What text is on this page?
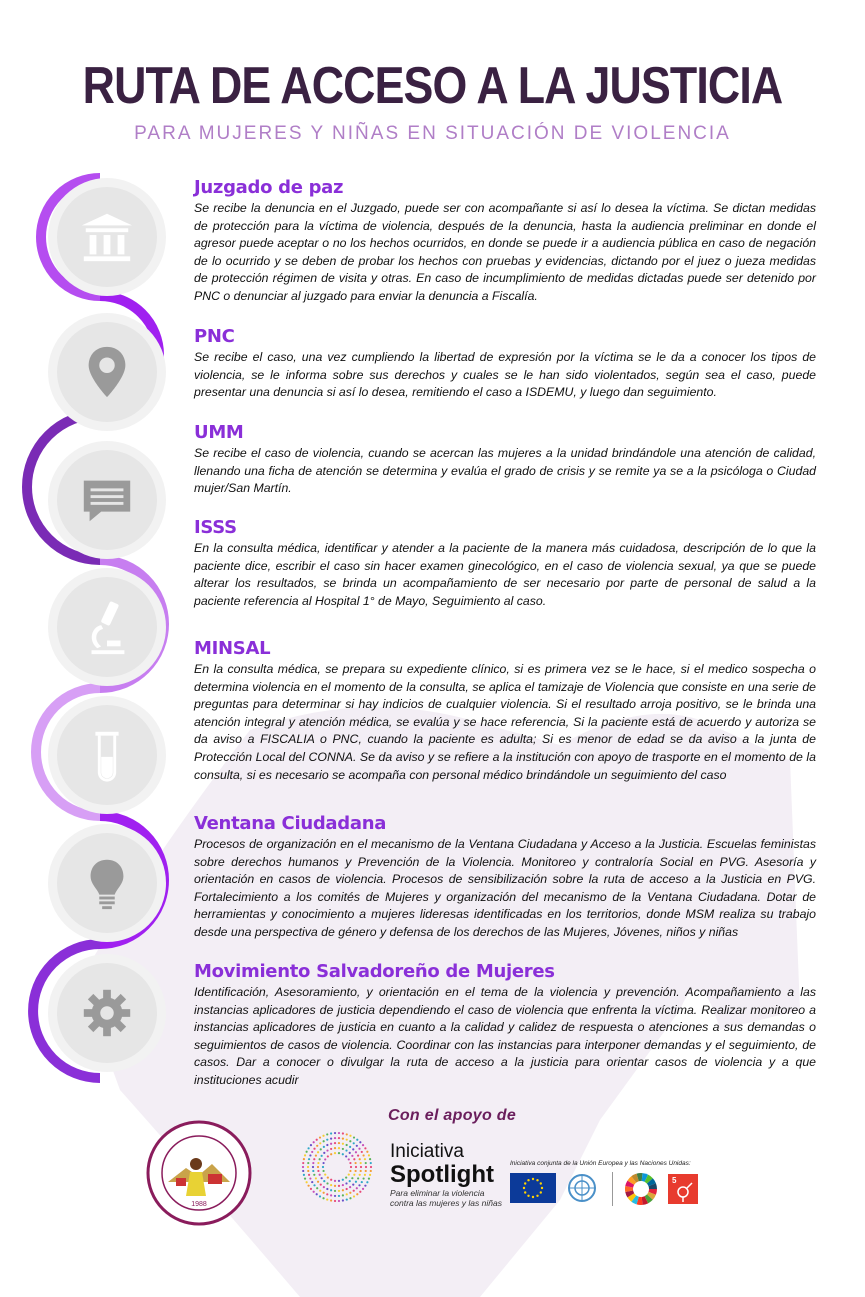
RUTA DE ACCESO A LA JUSTICIA

PARA MUJERES Y NIÑAS EN SITUACIÓN DE VIOLENCIA

Juzgado de paz

Se recibe la denuncia en el Juzgado, puede ser con acompañante si así lo desea la víctima. Se dictan medidas de protección para la víctima de violencia, después de la denuncia, hasta la audiencia preliminar en donde el agresor puede aceptar o no los hechos ocurridos, en donde se puede ir a audiencia pública en caso de negación de lo ocurrido y se deben de probar los hechos con pruebas y evidencias, dictando por el juez o jueza medidas de protección régimen de visita y otras. En caso de incumplimiento de medidas dictadas puede ser detenido por PNC o denunciar al juzgado para enviar la denuncia a Fiscalía.

PNC

Se recibe el caso, una vez cumpliendo la libertad de expresión por la víctima se le da a conocer los tipos de violencia, se le informa sobre sus derechos y cuales se le han sido violentados, según sea el caso, puede presentar una denuncia si así lo desea, remitiendo el caso a ISDEMU, y luego dan seguimiento.

UMM

Se recibe el caso de violencia, cuando se acercan las mujeres a la unidad brindándole una atención de calidad, llenando una ficha de atención se determina y evalúa el grado de crisis y se remite ya se a la psicóloga o Ciudad mujer/San Martín.

ISSS

En la consulta médica, identificar y atender a la paciente de la manera más cuidadosa, descripción de lo que la paciente dice, escribir el caso sin hacer examen ginecológico, en el caso de violencia sexual, ya que se puede alterar los resultados, se brinda un acompañamiento de ser necesario por parte de personal de salud a la paciente referencia al Hospital 1° de Mayo, Seguimiento al caso.

MINSAL

En la consulta médica, se prepara su expediente clínico, si es primera vez se le hace, si el medico sospecha o determina violencia en el momento de la consulta, se aplica el tamizaje de Violencia que consiste en una serie de preguntas para determinar si hay indicios de cualquier violencia. Si el resultado arroja positivo, se le brinda una atención integral y atención médica, se evalúa y se hace referencia, Si la paciente está de acuerdo y autoriza se da aviso a FISCALIA o PNC, cuando la paciente es adulta; Si es menor de edad se da aviso a la junta de Protección Local del CONNA. Se da aviso y se refiere a la institución con apoyo de trasporte en el momento de la consulta, si es necesario se acompaña con personal médico brindándole un seguimiento del caso

Ventana Ciudadana

Procesos de organización en el mecanismo de la Ventana Ciudadana y Acceso a la Justicia. Escuelas feministas sobre derechos humanos y Prevención de la Violencia. Monitoreo y contraloría Social en PVG. Asesoría y orientación en casos de violencia. Procesos de sensibilización sobre la ruta de acceso a la Justicia en PVG. Fortalecimiento a los comités de Mujeres y organización del mecanismo de la Ventana Ciudadana. Dotar de herramientas y conocimiento a mujeres lideresas identificadas en los territorios, donde MSM realiza su trabajo desde una perspectiva de género y defensa de los derechos de las Mujeres, Jóvenes, niños y niñas

Movimiento Salvadoreño de Mujeres

Identificación, Asesoramiento, y orientación en el tema de la violencia y prevención. Acompañamiento a las instancias aplicadores de justicia dependiendo el caso de violencia que enfrenta la víctima. Realizar monitoreo a instancias aplicadores de justicia en cuanto a la calidad y calidez de respuesta o atenciones a sus demandas o seguimientos de casos de violencia. Coordinar con las instancias para interponer demandas y el seguimiento, de casos. Dar a conocer o divulgar la ruta de acceso a la justicia para orientar casos de violencia y a que instituciones acudir

Con el apoyo de
1988
Iniciativa
Spotlight
Para eliminar la violencia contra las mujeres y las niñas
Iniciativa conjunta de la Unión Europea y las Naciones Unidas:
5
